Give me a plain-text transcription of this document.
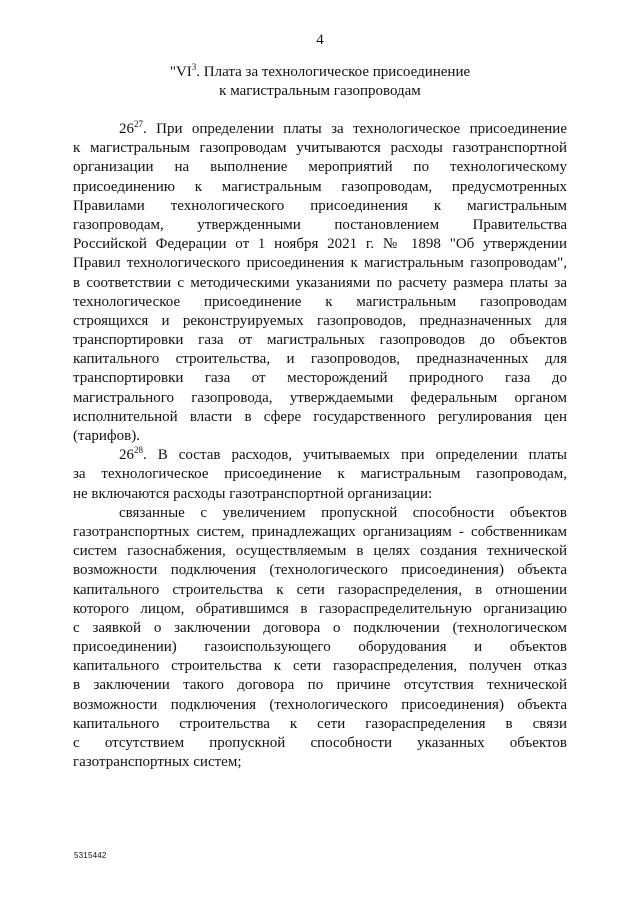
4
"$VI^3$. Плата за технологическое присоединение
к магистральным газопроводам
$26^{27}$. При определении платы за технологическое присоединение
к магистральным газопроводам учитываются расходы газотранспортной
организации на выполнение мероприятий по технологическому
присоединению к магистральным газопроводам, предусмотренных
Правилами технологического присоединения к магистральным
газопроводам, утвержденными постановлением Правительства
Российской Федерации от 1 ноября 2021 г. № 1898 "Об утверждении
Правил технологического присоединения к магистральным газопроводам",
в соответствии с методическими указаниями по расчету размера платы за
технологическое присоединение к магистральным газопроводам
строящихся и реконструируемых газопроводов, предназначенных для
транспортировки газа от магистральных газопроводов до объектов
капитального строительства, и газопроводов, предназначенных для
транспортировки газа от месторождений природного газа до
магистрального газопровода, утверждаемыми федеральным органом
исполнительной власти в сфере государственного регулирования цен
(тарифов).
$26^{28}$. В состав расходов, учитываемых при определении платы
за технологическое присоединение к магистральным газопроводам,
не включаются расходы газотранспортной организации:
связанные с увеличением пропускной способности объектов
газотранспортных систем, принадлежащих организациям - собственникам
систем газоснабжения, осуществляемым в целях создания технической
возможности подключения (технологического присоединения) объекта
капитального строительства к сети газораспределения, в отношении
которого лицом, обратившимся в газораспределительную организацию
с заявкой о заключении договора о подключении (технологическом
присоединении) газоиспользующего оборудования и объектов
капитального строительства к сети газораспределения, получен отказ
в заключении такого договора по причине отсутствия технической
возможности подключения (технологического присоединения) объекта
капитального строительства к сети газораспределения в связи
с отсутствием пропускной способности указанных объектов
газотранспортных систем;
5315442
